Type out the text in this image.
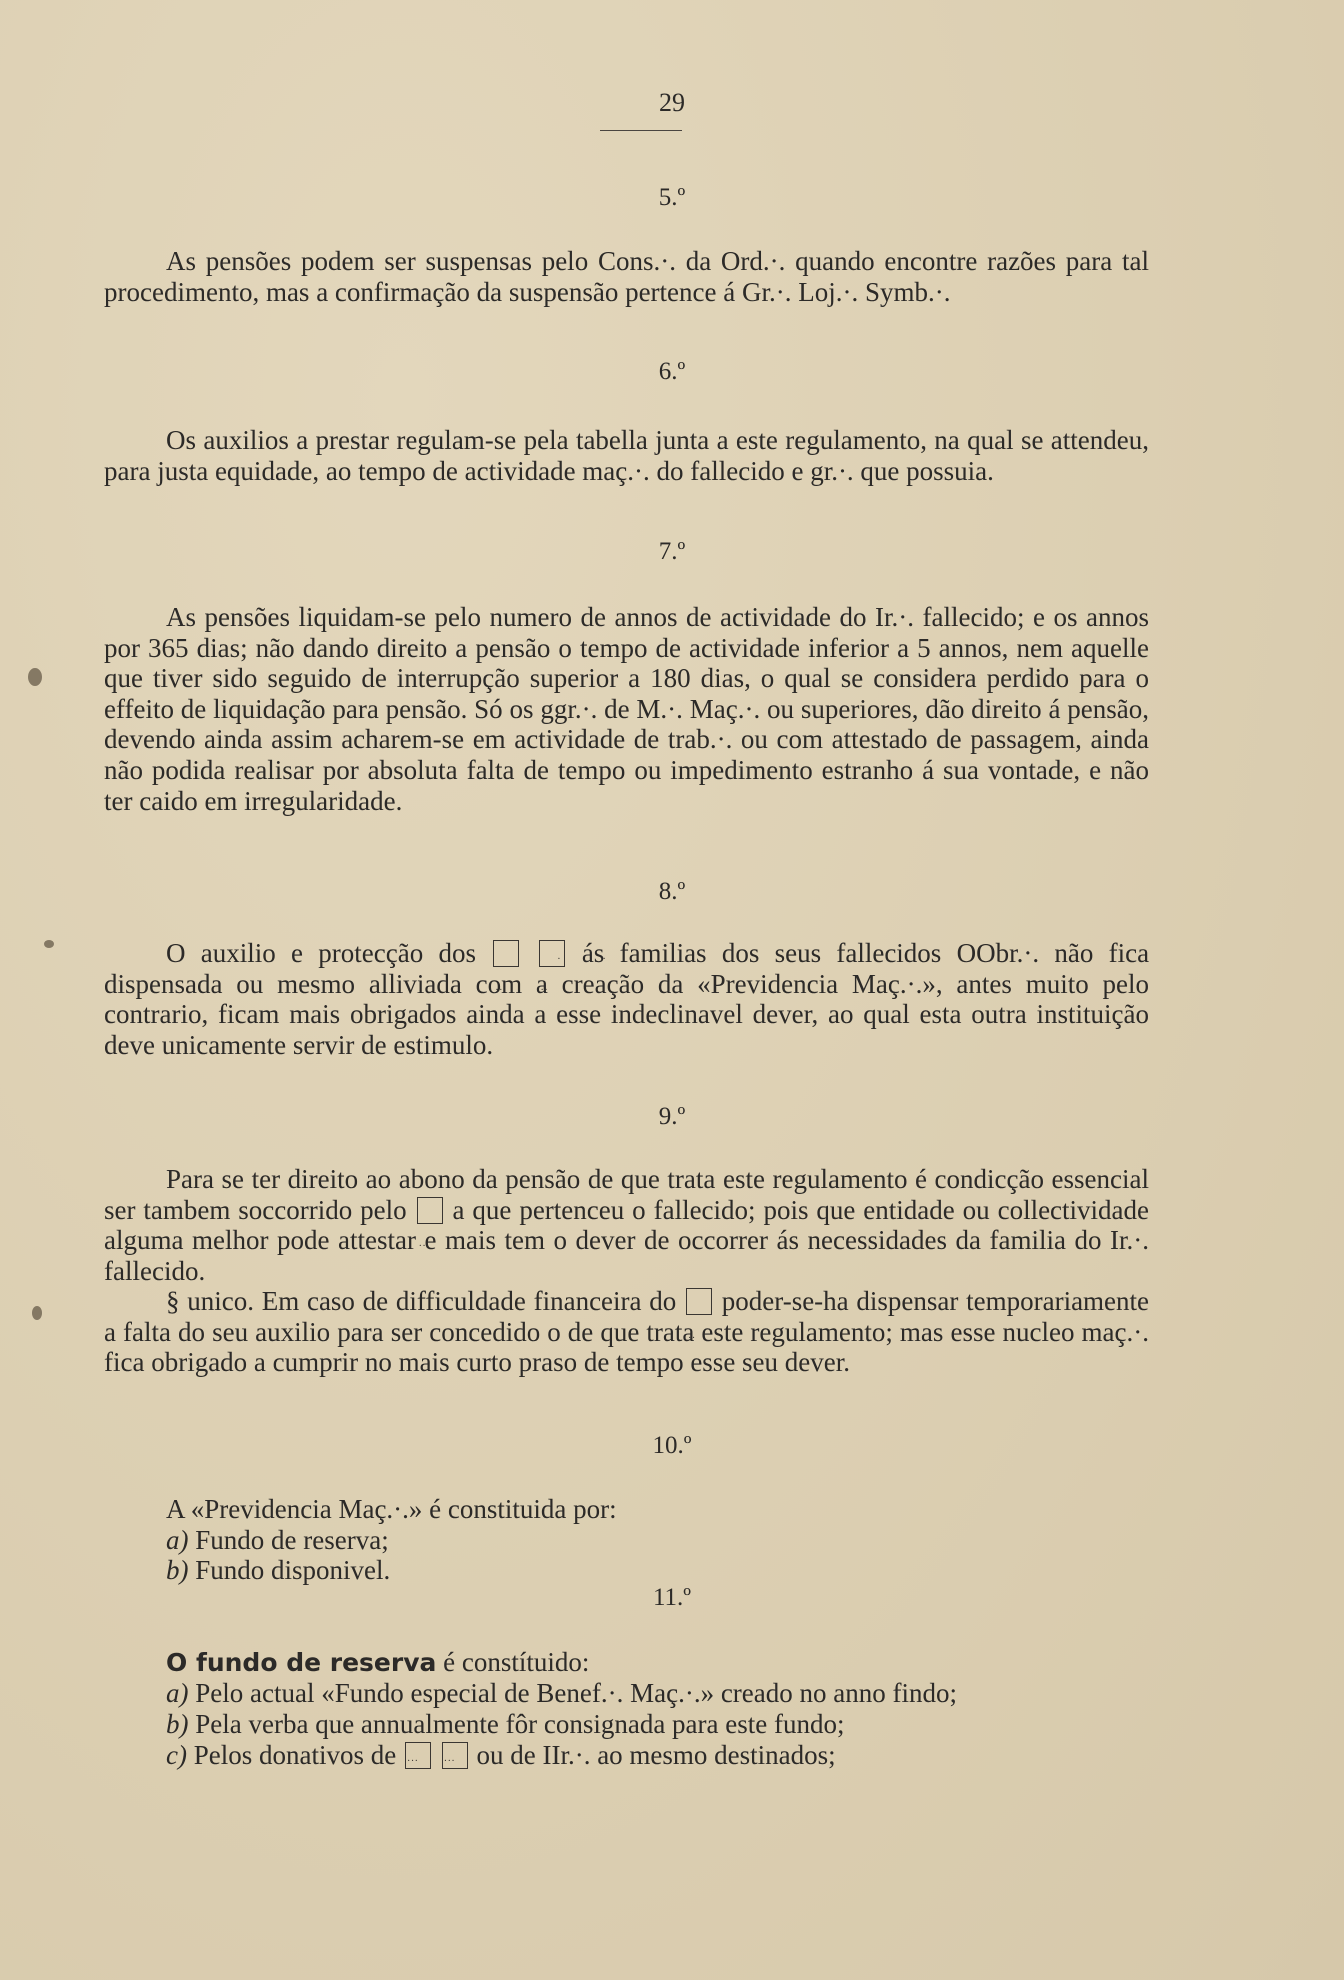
29
5.º

As pensões podem ser suspensas pelo Cons.·. da Ord.·. quando encontre razões para tal procedimento, mas a confirmação da suspensão pertence á Gr.·. Loj.·. Symb.·.

6.º

Os auxilios a prestar regulam-se pela tabella junta a este regulamento, na qual se attendeu, para justa equidade, ao tempo de actividade maç.·. do fallecido e gr.·. que possuia.

7.º

As pensões liquidam-se pelo numero de annos de actividade do Ir.·. fallecido; e os annos por 365 dias; não dando direito a pensão o tempo de actividade inferior a 5 annos, nem aquelle que tiver sido seguido de interrupção superior a 180 dias, o qual se considera perdido para o effeito de liquidação para pensão. Só os ggr.·. de M.·. Maç.·. ou superiores, dão direito á pensão, devendo ainda assim acharem-se em actividade de trab.·. ou com attestado de passagem, ainda não podida realisar por absoluta falta de tempo ou impedimento estranho á sua vontade, e não ter caido em irregularidade.

8.º

O auxilio e protecção dos · · · · · ·	ás familias dos seus fallecidos OObr.·. não fica dispensada ou mesmo alliviada com a creação da «Previdencia Maç.·.», antes muito pelo contrario, ficam mais obrigados ainda a esse indeclinavel dever, ao qual esta outra instituição deve unicamente servir de estimulo.

9.º

Para se ter direito ao abono da pensão de que trata este regulamento é condicção essencial ser tambem soccorrido pelo · · · a que pertenceu o fallecido; pois que entidade ou collectividade alguma melhor pode attestar e mais tem o dever de occorrer ás necessidades da familia do Ir.·. fallecido.

§ unico. Em caso de difficuldade financeira do · · · poder-se-ha dispensar temporariamente a falta do seu auxilio para ser concedido o de que trata este regulamento; mas esse nucleo maç.·. fica obrigado a cumprir no mais curto praso de tempo esse seu dever.

10.º
A «Previdencia Maç.·.» é constituida por:
a) Fundo de reserva;
b) Fundo disponivel.
11.º
O fundo de reserva é constítuido:
a) Pelo actual «Fundo especial de Benef.·. Maç.·.» creado no anno findo;
b) Pela verba que annualmente fôr consignada para este fundo;
c) Pelos donativos de · · · · · ·	ou de IIr.·. ao mesmo destinados;
